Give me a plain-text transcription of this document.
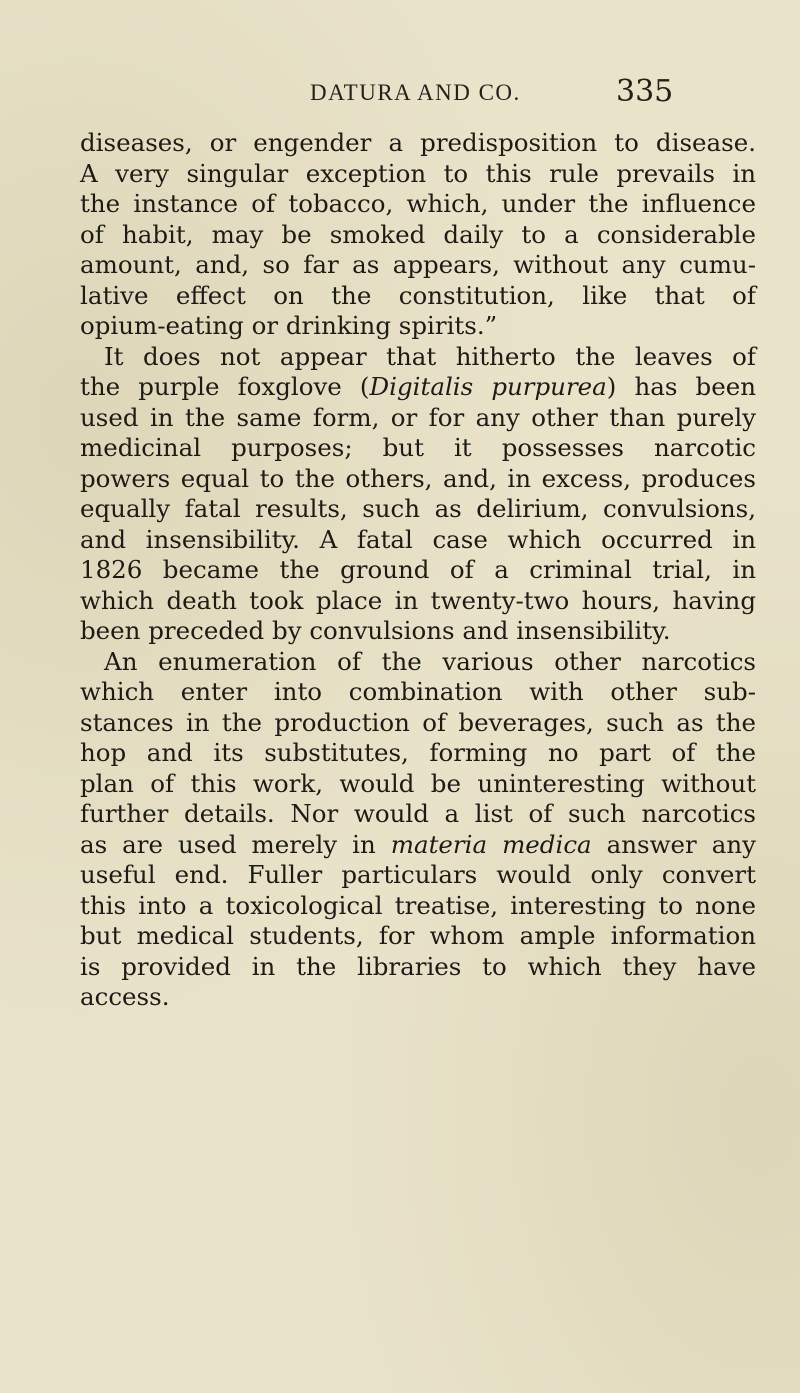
DATURA AND CO.	335
diseases, or engender a predisposition to disease.
A very singular exception to this rule prevails in
the instance of tobacco, which, under the influence
of habit, may be smoked daily to a considerable
amount, and, so far as appears, without any cumu-
lative effect on the constitution, like that of
opium-eating or drinking spirits.”
It does not appear that hitherto the leaves of
the purple foxglove (Digitalis purpurea) has been
used in the same form, or for any other than purely
medicinal purposes; but it possesses narcotic
powers equal to the others, and, in excess, produces
equally fatal results, such as delirium, convulsions,
and insensibility. A fatal case which occurred in
1826 became the ground of a criminal trial, in
which death took place in twenty-two hours, having
been preceded by convulsions and insensibility.
An enumeration of the various other narcotics
which enter into combination with other sub-
stances in the production of beverages, such as the
hop and its substitutes, forming no part of the
plan of this work, would be uninteresting without
further details. Nor would a list of such narcotics
as are used merely in materia medica answer any
useful end. Fuller particulars would only convert
this into a toxicological treatise, interesting to none
but medical students, for whom ample information
is provided in the libraries to which they have
access.
